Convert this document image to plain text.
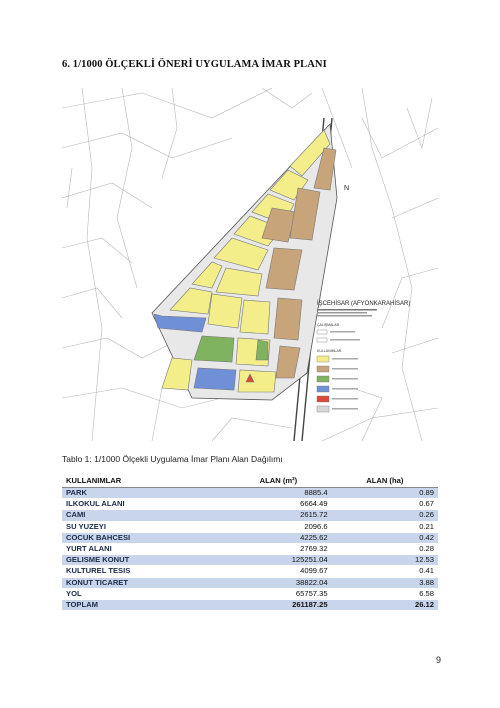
6. 1/1000 ÖLÇEKLİ ÖNERİ UYGULAMA İMAR PLANI
N
İŞCEHİSAR (AFYONKARAHİSAR)
ÇALIŞMALAR
KULLANIMLAR
Tablo 1: 1/1000 Ölçekli Uygulama İmar Planı Alan Dağılımı
KULLANIMLAR	ALAN (m²)	ALAN (ha)
PARK	8885.4	0.89
ILKOKUL ALANI	6664.49	0.67
CAMI	2615.72	0.26
SU YUZEYI	2096.6	0.21
COCUK BAHCESI	4225.62	0.42
YURT ALANI	2769.32	0.28
GELISME KONUT	125251.04	12.53
KULTUREL TESIS	4099.67	0.41
KONUT TICARET	38822.04	3.88
YOL	65757.35	6.58
TOPLAM	261187.25	26.12
9
